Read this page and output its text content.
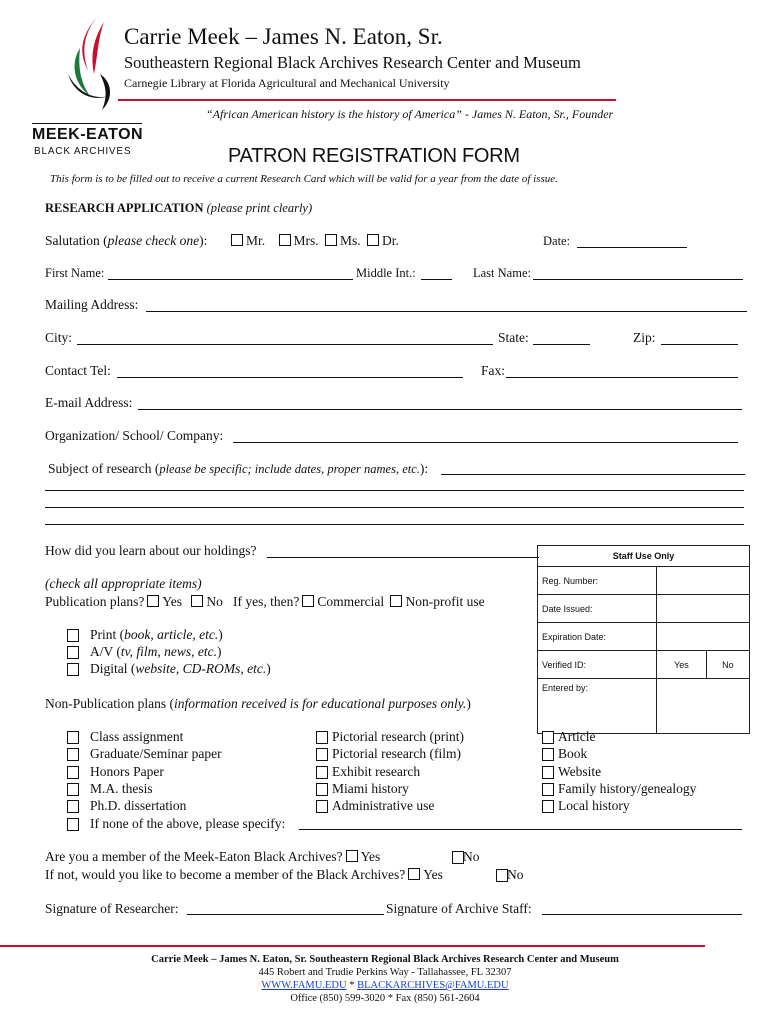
MEEK-EATON
BLACK ARCHIVES
Carrie Meek – James N. Eaton, Sr.
Southeastern Regional Black Archives Research Center and Museum
Carnegie Library at Florida Agricultural and Mechanical University
“African American history is the history of America” - James N. Eaton, Sr., Founder
PATRON REGISTRATION FORM
This form is to be filled out to receive a current Research Card which will be valid for a year from the date of issue.
RESEARCH APPLICATION (please print clearly)
Salutation (please check one):	Mr. Mrs. Ms. Dr.	Date:
First Name:	Middle Int.:	Last Name:
Mailing Address:
City:	State:	Zip:
Contact Tel:	Fax:
E-mail Address:
Organization/ School/ Company:
Subject of research (please be specific; include dates, proper names, etc.):
How did you learn about our holdings?	Staff Use Only		
Reg. Number:		
Date Issued:		
Expiration Date:		
Verified ID:	Yes	No
Entered by:		
(check all appropriate items)
Publication plans? Yes No If yes, then? Commercial Non-profit use
Print (book, article, etc.)
A/V (tv, film, news, etc.)
Digital (website, CD-ROMs, etc.)
Non-Publication plans (information received is for educational purposes only.)
Class assignment
Graduate/Seminar paper
Honors Paper
M.A. thesis
Ph.D. dissertation
If none of the above, please specify:
Pictorial research (print)
Pictorial research (film)
Exhibit research
Miami history
Administrative use
Article
Book
Website
Family history/genealogy
Local history
Are you a member of the Meek-Eaton Black Archives? Yes	No
If not, would you like to become a member of the Black Archives? Yes	No
Signature of Researcher:	Signature of Archive Staff:
Carrie Meek – James N. Eaton, Sr. Southeastern Regional Black Archives Research Center and Museum
445 Robert and Trudie Perkins Way - Tallahassee, FL 32307
WWW.FAMU.EDU * BLACKARCHIVES@FAMU.EDU
Office (850) 599-3020 * Fax (850) 561-2604
